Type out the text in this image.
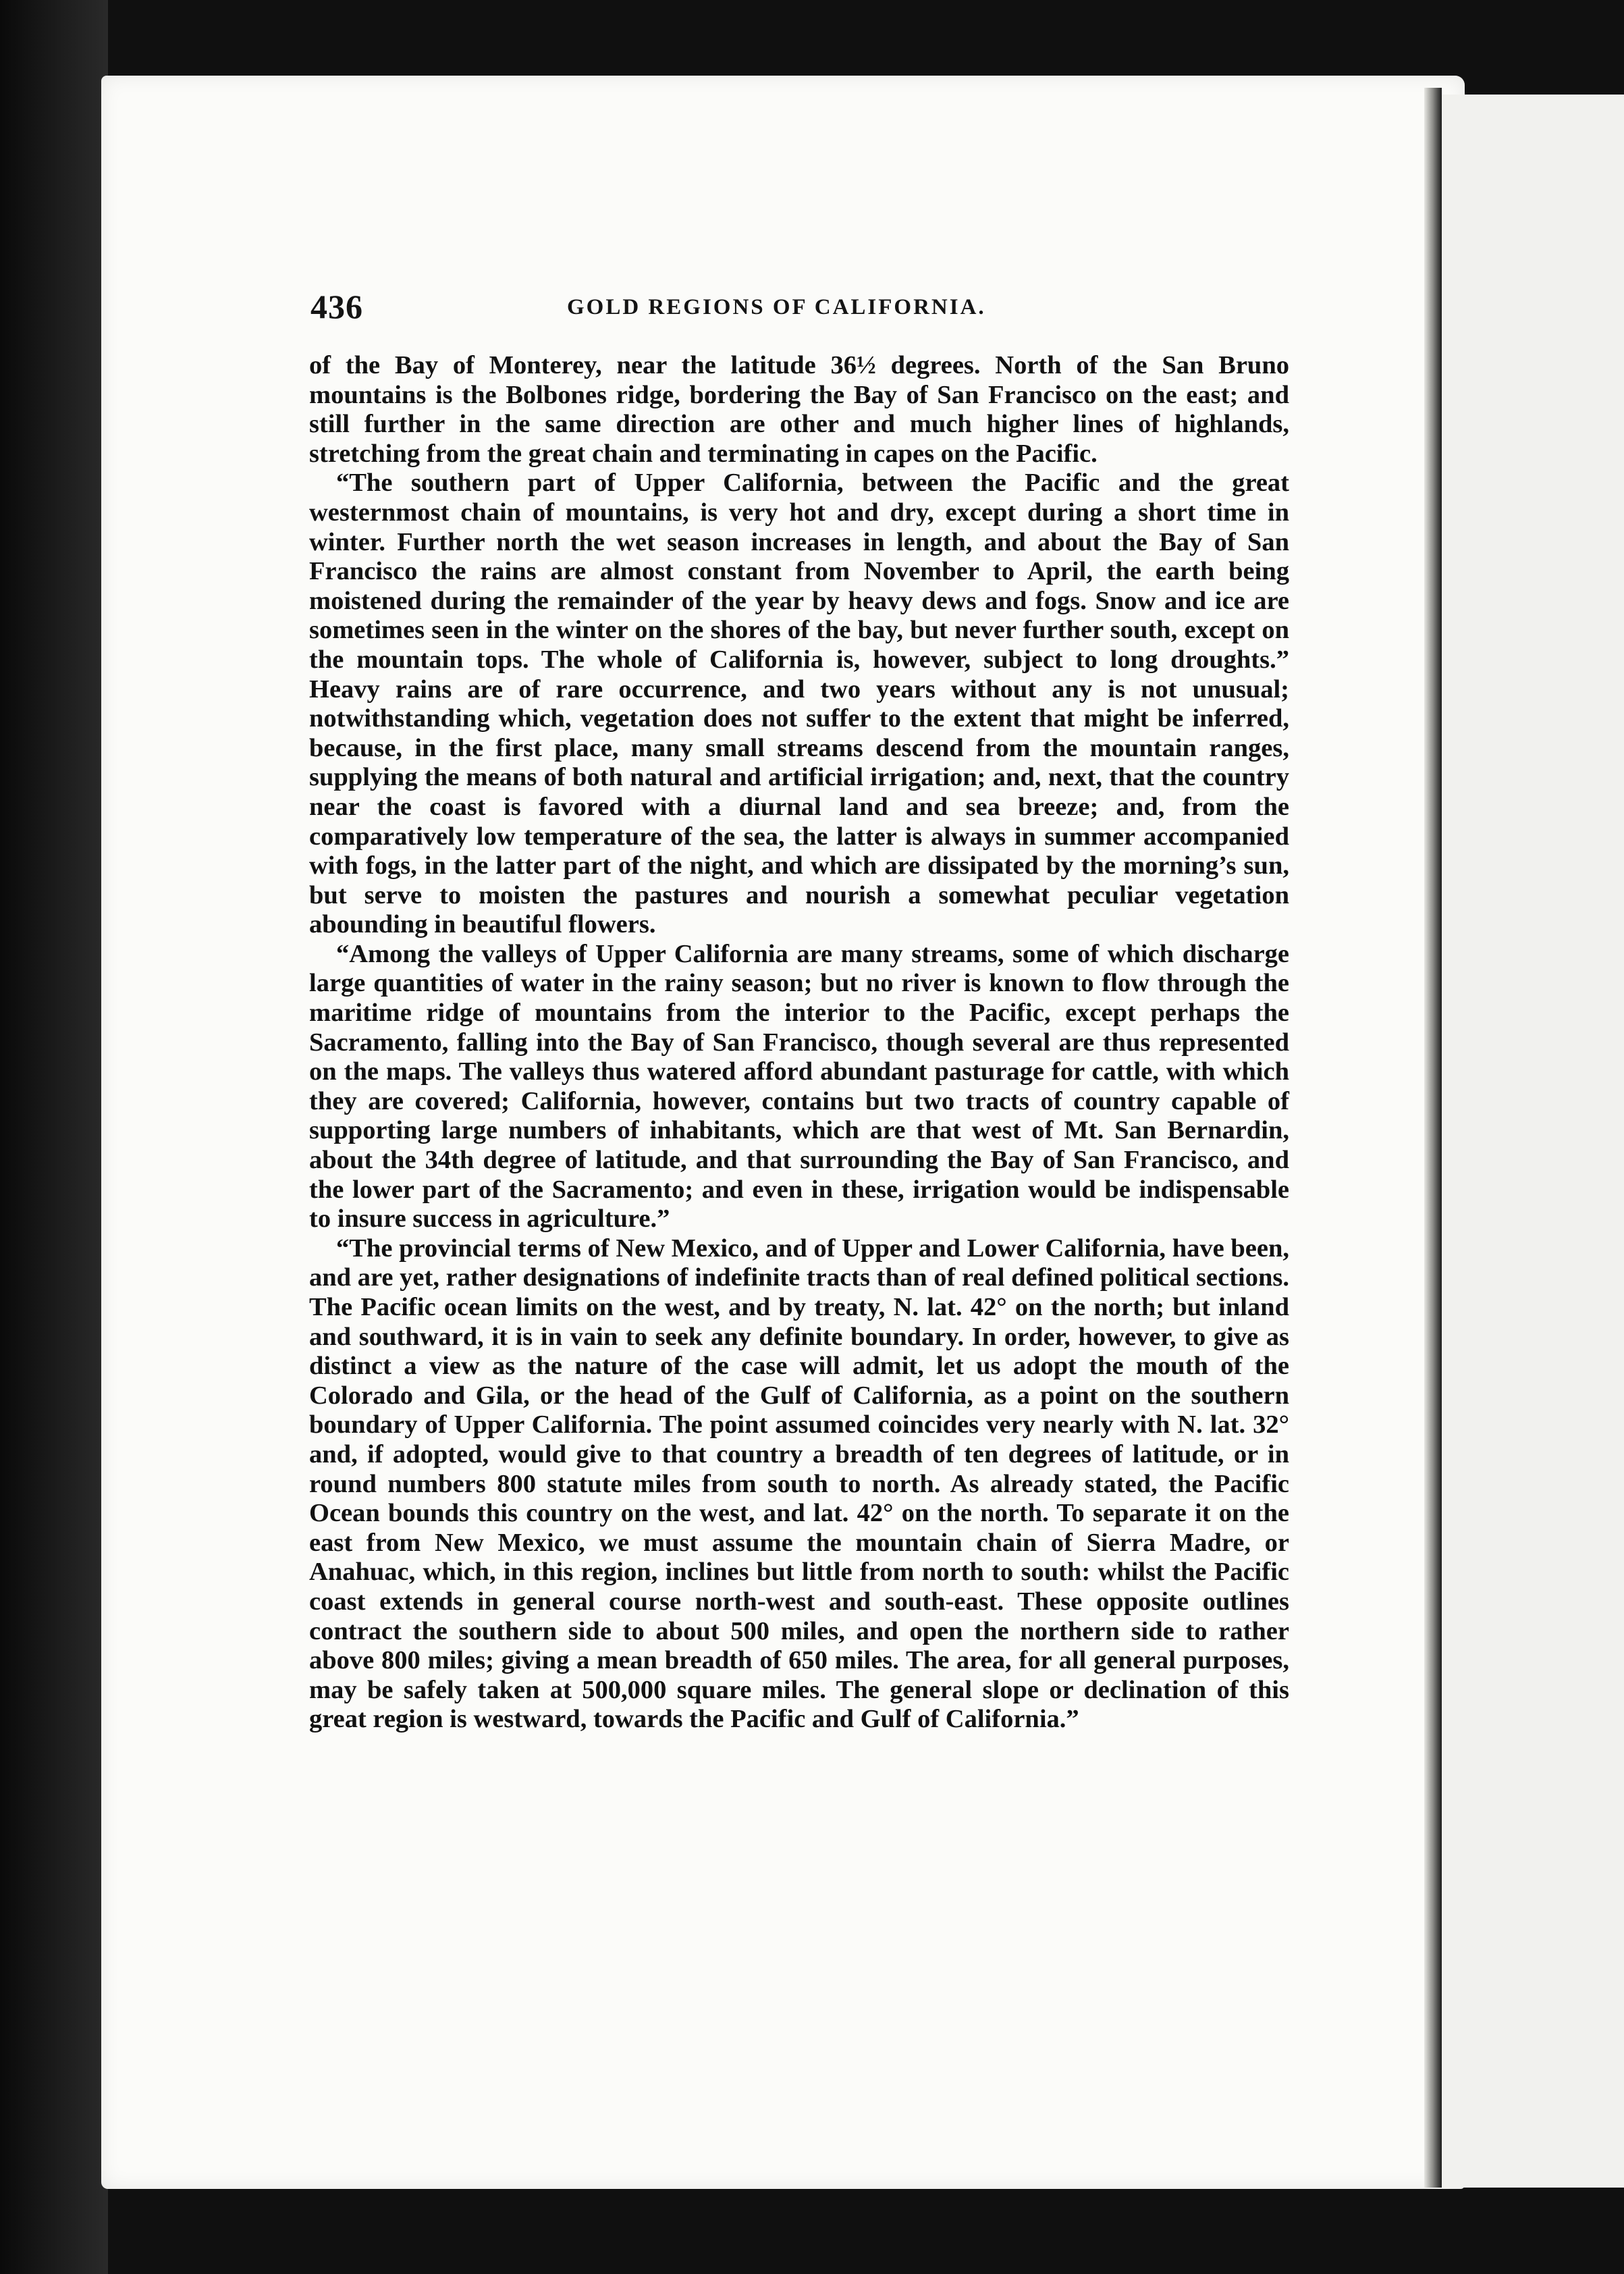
436	GOLD REGIONS OF CALIFORNIA.

of the Bay of Monterey, near the latitude 36½ degrees. North of the San Bruno mountains is the Bolbones ridge, bordering the Bay of San Francisco on the east; and still further in the same direction are other and much higher lines of highlands, stretching from the great chain and terminating in capes on the Pacific.

“The southern part of Upper California, between the Pacific and the great westernmost chain of mountains, is very hot and dry, except during a short time in winter. Further north the wet season increases in length, and about the Bay of San Francisco the rains are almost constant from November to April, the earth being moistened during the remainder of the year by heavy dews and fogs. Snow and ice are sometimes seen in the winter on the shores of the bay, but never further south, except on the mountain tops. The whole of California is, however, subject to long droughts.” Heavy rains are of rare occurrence, and two years without any is not unusual; notwithstanding which, vegetation does not suffer to the extent that might be inferred, because, in the first place, many small streams descend from the mountain ranges, supplying the means of both natural and artificial irrigation; and, next, that the country near the coast is favored with a diurnal land and sea breeze; and, from the comparatively low temperature of the sea, the latter is always in summer accompanied with fogs, in the latter part of the night, and which are dissipated by the morning’s sun, but serve to moisten the pastures and nourish a somewhat peculiar vegetation abounding in beautiful flowers.

“Among the valleys of Upper California are many streams, some of which discharge large quantities of water in the rainy season; but no river is known to flow through the maritime ridge of mountains from the interior to the Pacific, except perhaps the Sacramento, falling into the Bay of San Francisco, though several are thus represented on the maps. The valleys thus watered afford abundant pasturage for cattle, with which they are covered; California, however, contains but two tracts of country capable of supporting large numbers of inhabitants, which are that west of Mt. San Bernardin, about the 34th degree of latitude, and that surrounding the Bay of San Francisco, and the lower part of the Sacramento; and even in these, irrigation would be indispensable to insure success in agriculture.”

“The provincial terms of New Mexico, and of Upper and Lower California, have been, and are yet, rather designations of indefinite tracts than of real defined political sections. The Pacific ocean limits on the west, and by treaty, N. lat. 42° on the north; but inland and southward, it is in vain to seek any definite boundary. In order, however, to give as distinct a view as the nature of the case will admit, let us adopt the mouth of the Colorado and Gila, or the head of the Gulf of California, as a point on the southern boundary of Upper California. The point assumed coincides very nearly with N. lat. 32° and, if adopted, would give to that country a breadth of ten degrees of latitude, or in round numbers 800 statute miles from south to north. As already stated, the Pacific Ocean bounds this country on the west, and lat. 42° on the north. To separate it on the east from New Mexico, we must assume the mountain chain of Sierra Madre, or Anahuac, which, in this region, inclines but little from north to south: whilst the Pacific coast extends in general course north-west and south-east. These opposite outlines contract the southern side to about 500 miles, and open the northern side to rather above 800 miles; giving a mean breadth of 650 miles. The area, for all general purposes, may be safely taken at 500,000 square miles. The general slope or declination of this great region is westward, towards the Pacific and Gulf of California.”
